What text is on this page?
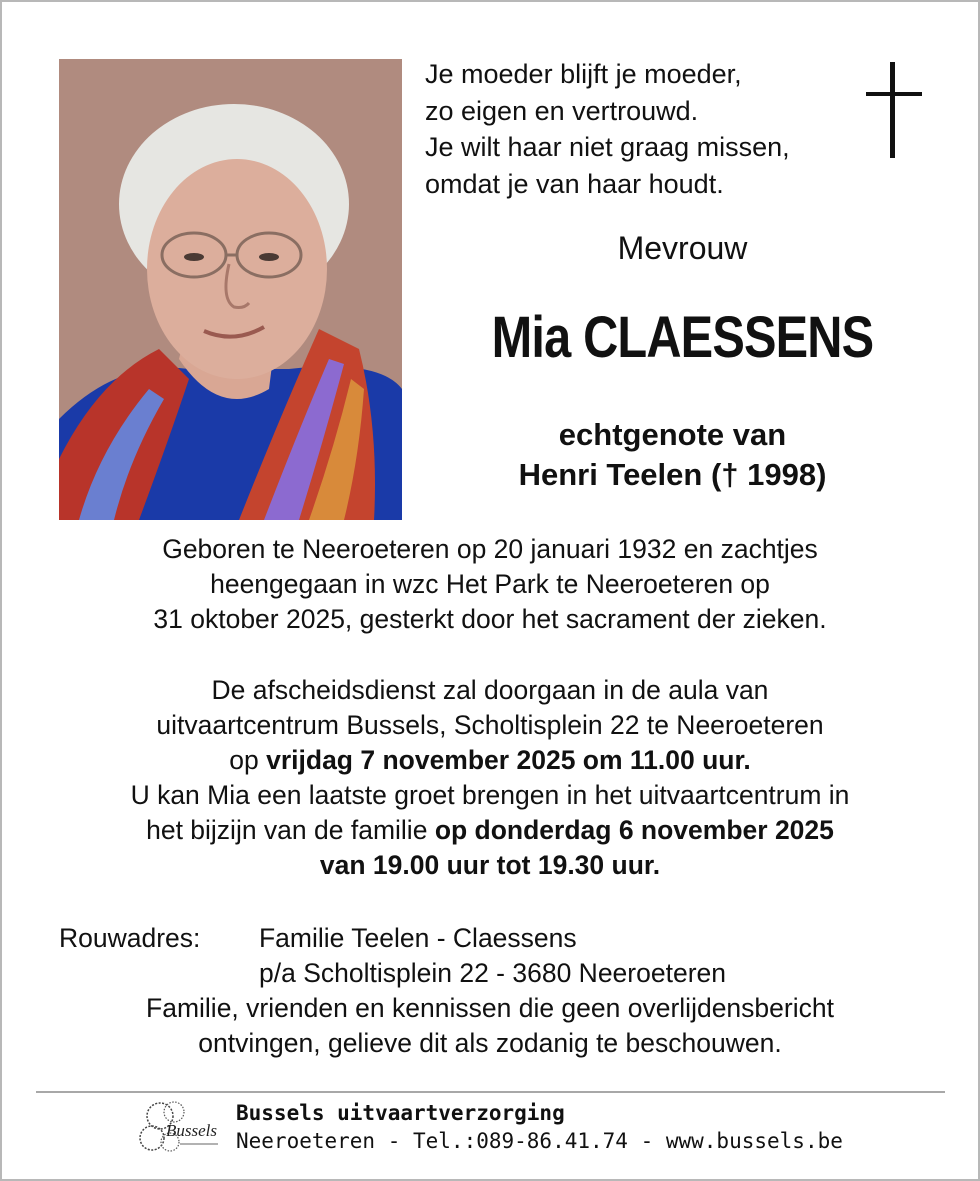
Je moeder blijft je moeder,
zo eigen en vertrouwd.
Je wilt haar niet graag missen,
omdat je van haar houdt.
Mevrouw
Mia CLAESSENS
echtgenote van
Henri Teelen († 1998)
Geboren te Neeroeteren op 20 januari 1932 en zachtjes
heengegaan in wzc Het Park te Neeroeteren op
31 oktober 2025, gesterkt door het sacrament der zieken.
De afscheidsdienst zal doorgaan in de aula van
uitvaartcentrum Bussels, Scholtisplein 22 te Neeroeteren
op vrijdag 7 november 2025 om 11.00 uur.
U kan Mia een laatste groet brengen in het uitvaartcentrum in
het bijzijn van de familie op donderdag 6 november 2025
van 19.00 uur tot 19.30 uur.
Rouwadres: Familie Teelen - Claessens
p/a Scholtisplein 22 - 3680 Neeroeteren
Familie, vrienden en kennissen die geen overlijdensbericht
ontvingen, gelieve dit als zodanig te beschouwen.
Bussels
Bussels uitvaartverzorging
Neeroeteren - Tel.:089-86.41.74 - www.bussels.be
